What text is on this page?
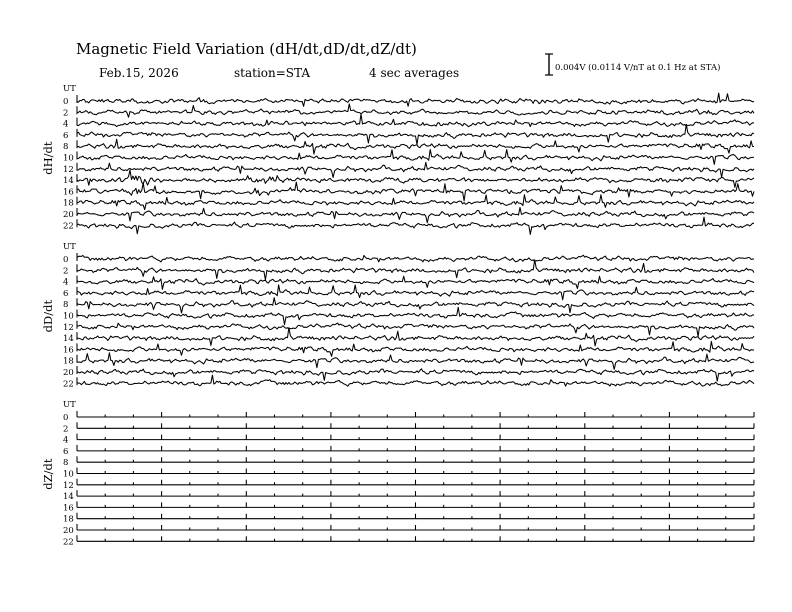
Magnetic Field Variation (dH/dt,dD/dt,dZ/dt)
Feb.15, 2026	station=STA	4 sec averages	0.004V (0.0114 V/nT at 0.1 Hz at STA)
UT
dH/dt
0
2
4
6
8
10
12
14
16
18
20
22
UT
dD/dt
0
2
4
6
8
10
12
14
16
18
20
22
UT
dZ/dt
0
2
4
6
8
10
12
14
16
18
20
22
